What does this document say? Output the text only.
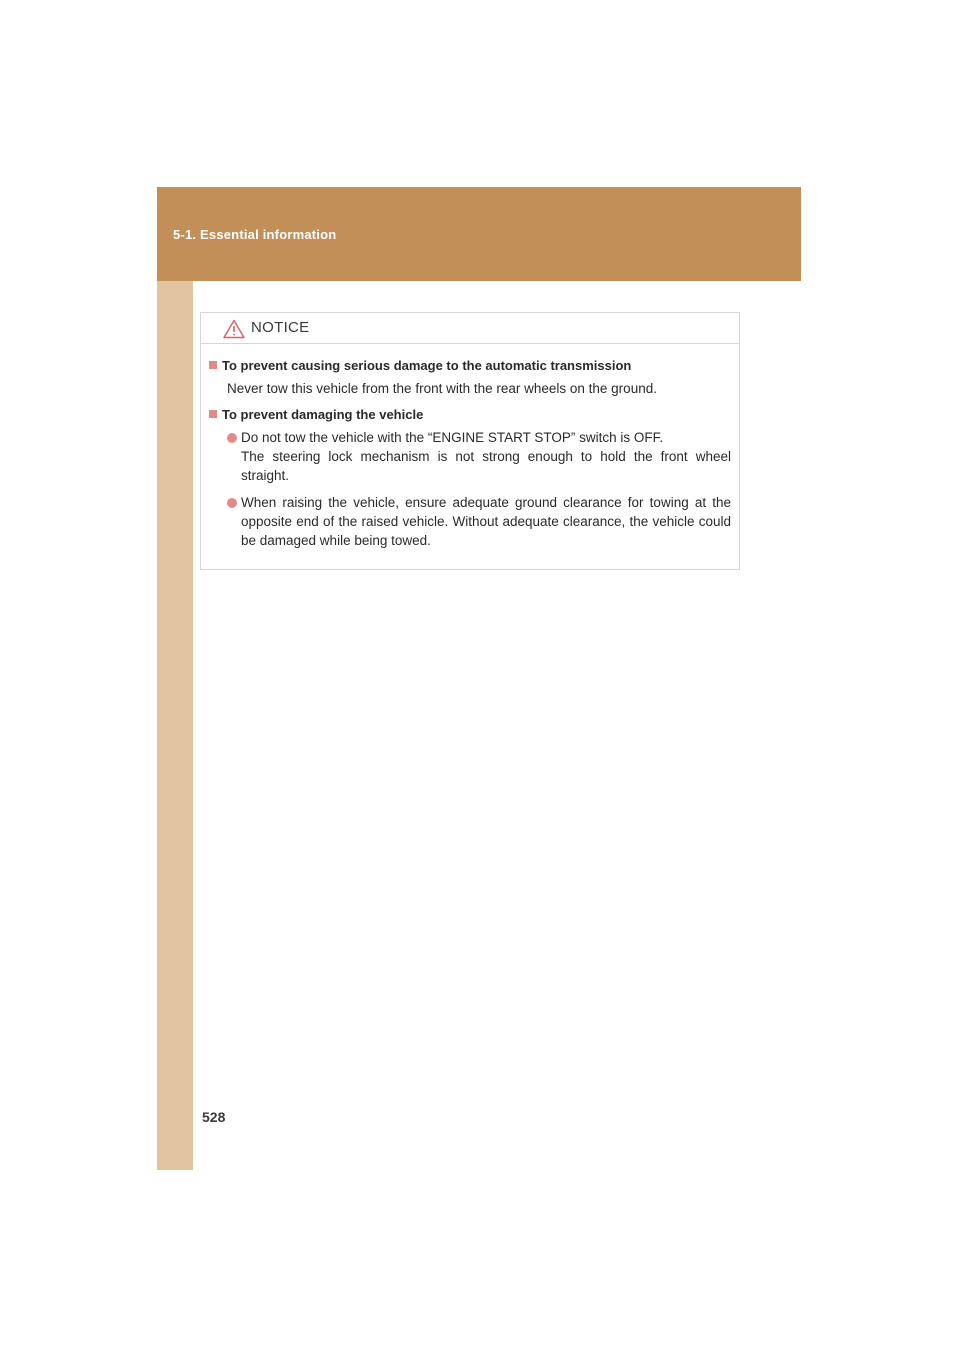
5-1. Essential information
NOTICE
To prevent causing serious damage to the automatic transmission
Never tow this vehicle from the front with the rear wheels on the ground.
To prevent damaging the vehicle
Do not tow the vehicle with the “ENGINE START STOP” switch is OFF.
The steering lock mechanism is not strong enough to hold the front wheel straight.
When raising the vehicle, ensure adequate ground clearance for towing at the opposite end of the raised vehicle. Without adequate clearance, the vehicle could be damaged while being towed.
528
